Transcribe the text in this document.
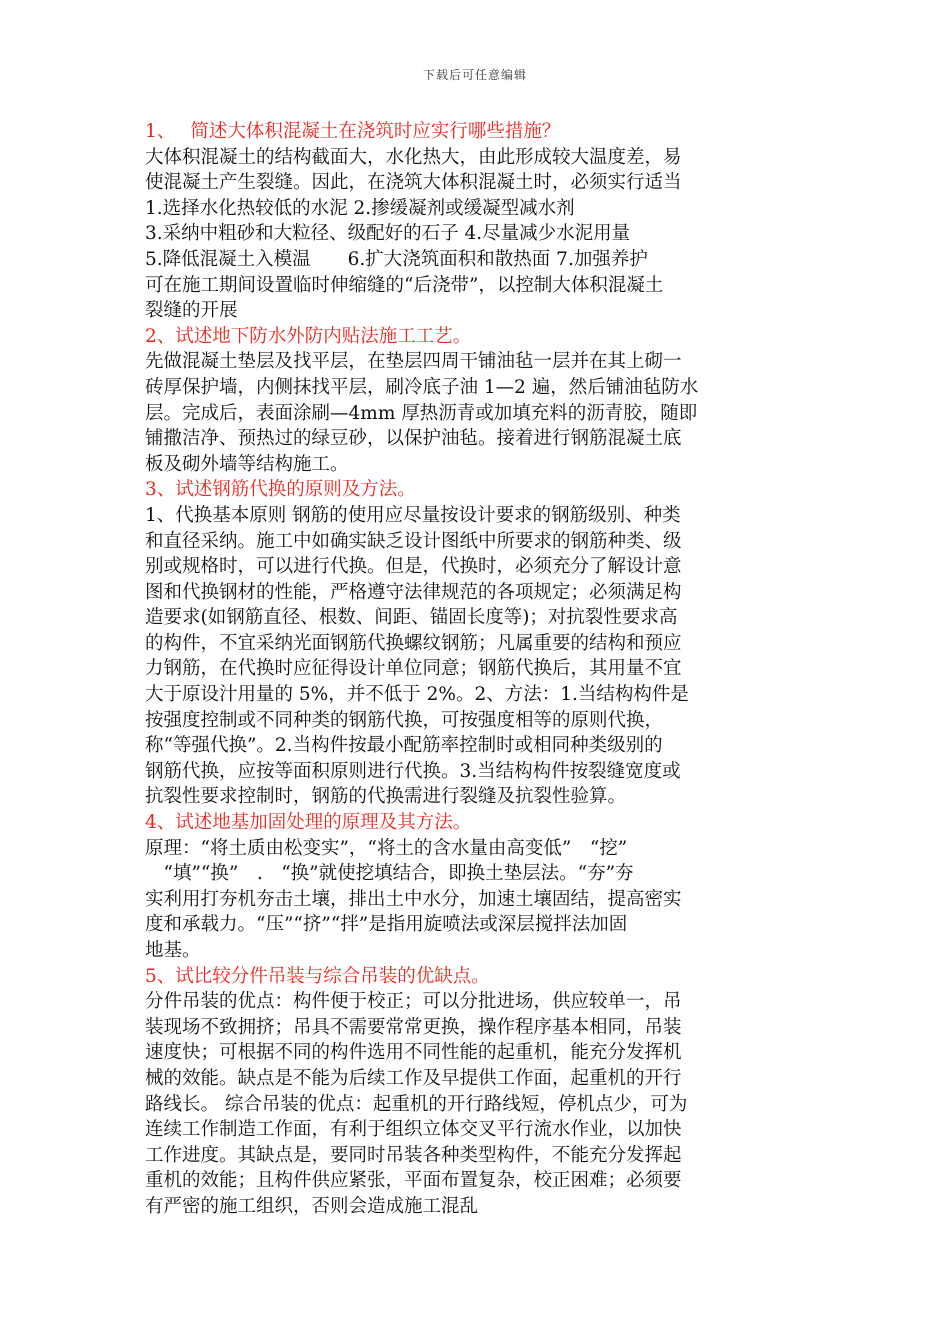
下载后可任意编辑
1、　 简述大体积混凝土在浇筑时应实行哪些措施？
大体积混凝土的结构截面大，水化热大，由此形成较大温度差，易
使混凝土产生裂缝。因此，在浇筑大体积混凝土时，必须实行适当
1.选择水化热较低的水泥 2.掺缓凝剂或缓凝型减水剂
3.采纳中粗砂和大粒径、级配好的石子 4.尽量减少水泥用量
5.降低混凝土入模温　　6.扩大浇筑面积和散热面 7.加强养护
可在施工期间设置临时伸缩缝的“后浇带”，以控制大体积混凝土
裂缝的开展
2、试述地下防水外防内贴法施工工艺。
先做混凝土垫层及找平层，在垫层四周干铺油毡一层并在其上砌一
砖厚保护墙，内侧抹找平层，刷冷底子油 1—2 遍，然后铺油毡防水
层。完成后，表面涂刷—4mm 厚热沥青或加填充料的沥青胶，随即
铺撒洁净、预热过的绿豆砂，以保护油毡。接着进行钢筋混凝土底
板及砌外墙等结构施工。
3、试述钢筋代换的原则及方法。
1、代换基本原则 钢筋的使用应尽量按设计要求的钢筋级别、种类
和直径采纳。施工中如确实缺乏设计图纸中所要求的钢筋种类、级
别或规格时，可以进行代换。但是，代换时，必须充分了解设计意
图和代换钢材的性能，严格遵守法律规范的各项规定；必须满足构
造要求(如钢筋直径、根数、间距、锚固长度等)；对抗裂性要求高
的构件，不宜采纳光面钢筋代换螺纹钢筋；凡属重要的结构和预应
力钢筋，在代换时应征得设计单位同意；钢筋代换后，其用量不宜
大于原设汁用量的 5%，并不低于 2%。2、方法：1.当结构构件是
按强度控制或不同种类的钢筋代换，可按强度相等的原则代换，
称“等强代换”。2.当构件按最小配筋率控制时或相同种类级别的
钢筋代换，应按等面积原则进行代换。3.当结构构件按裂缝宽度或
抗裂性要求控制时，钢筋的代换需进行裂缝及抗裂性验算。
4、试述地基加固处理的原理及其方法。
原理：“将土质由松变实”，“将土的含水量由高变低”　“挖”
　“填”“换”　.　“换”就使挖填结合，即换土垫层法。“夯”夯
实利用打夯机夯击土壤，排出土中水分，加速土壤固结，提高密实
度和承载力。“压”“挤”“拌”是指用旋喷法或深层搅拌法加固
地基。
5、试比较分件吊装与综合吊装的优缺点。
分件吊装的优点：构件便于校正；可以分批进场，供应较单一，吊
装现场不致拥挤；吊具不需要常常更换，操作程序基本相同，吊装
速度快；可根据不同的构件选用不同性能的起重机，能充分发挥机
械的效能。缺点是不能为后续工作及早提供工作面，起重机的开行
路线长。 综合吊装的优点：起重机的开行路线短，停机点少，可为
连续工作制造工作面，有利于组织立体交叉平行流水作业，以加快
工作进度。其缺点是，要同时吊装各种类型构件，不能充分发挥起
重机的效能；且构件供应紧张，平面布置复杂，校正困难；必须要
有严密的施工组织，否则会造成施工混乱
